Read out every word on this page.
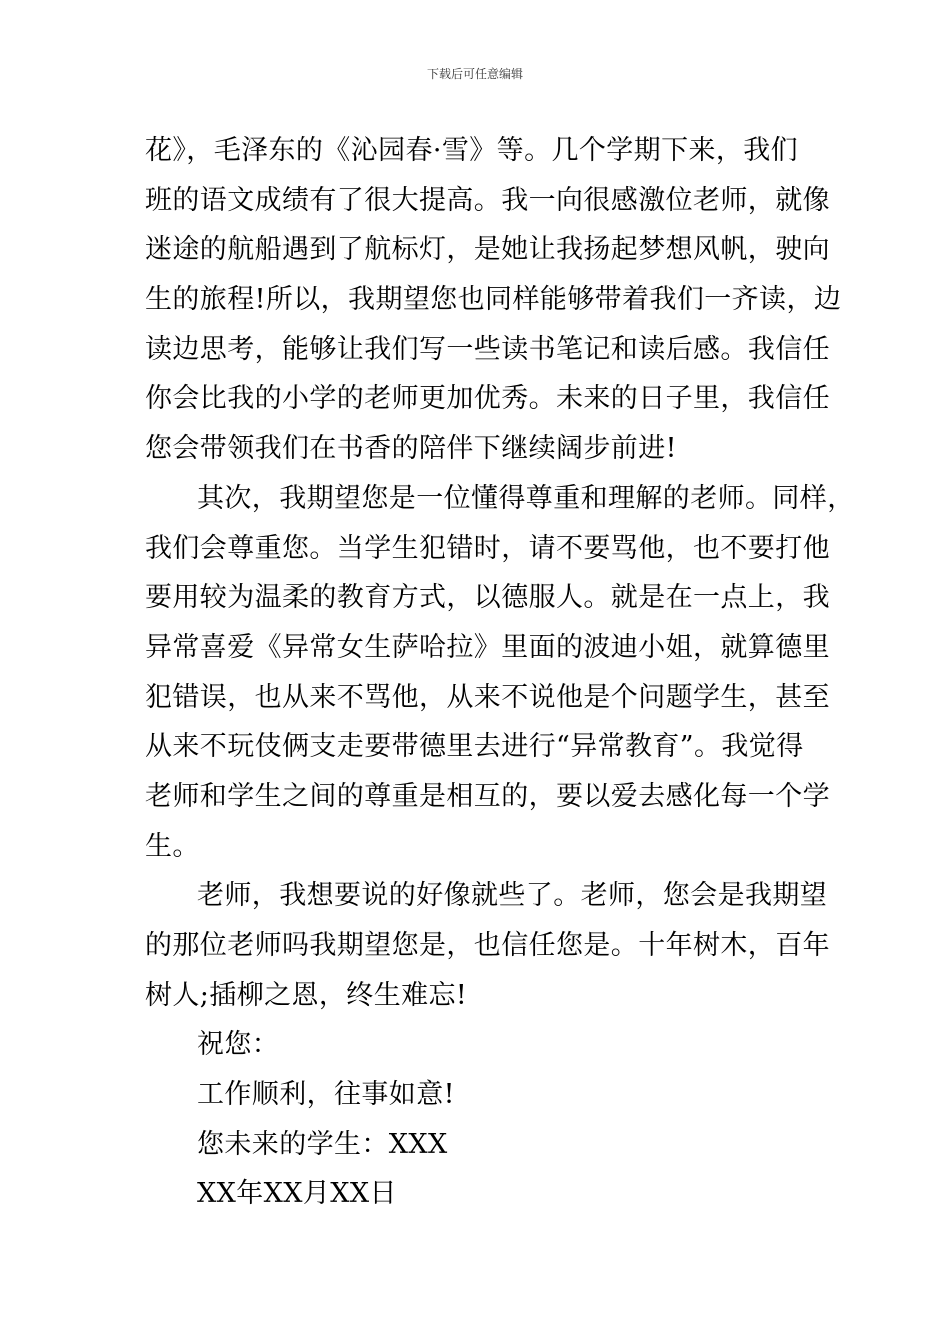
下载后可任意编辑
花》，毛泽东的《沁园春·雪》等。几个学期下来，我们
班的语文成绩有了很大提高。我一向很感激位老师，就像
迷途的航船遇到了航标灯，是她让我扬起梦想风帆，驶向
生的旅程!所以，我期望您也同样能够带着我们一齐读，边
读边思考，能够让我们写一些读书笔记和读后感。我信任
你会比我的小学的老师更加优秀。未来的日子里，我信任
您会带领我们在书香的陪伴下继续阔步前进!
其次，我期望您是一位懂得尊重和理解的老师。同样，
我们会尊重您。当学生犯错时，请不要骂他，也不要打他
要用较为温柔的教育方式，以德服人。就是在一点上，我
异常喜爱《异常女生萨哈拉》里面的波迪小姐，就算德里
犯错误，也从来不骂他，从来不说他是个问题学生，甚至
从来不玩伎俩支走要带德里去进行“异常教育”。我觉得
老师和学生之间的尊重是相互的，要以爱去感化每一个学
生。
老师，我想要说的好像就些了。老师，您会是我期望
的那位老师吗我期望您是，也信任您是。十年树木，百年
树人;插柳之恩，终生难忘!
祝您：
工作顺利，往事如意!
您未来的学生：XXX
XX年XX月XX日
